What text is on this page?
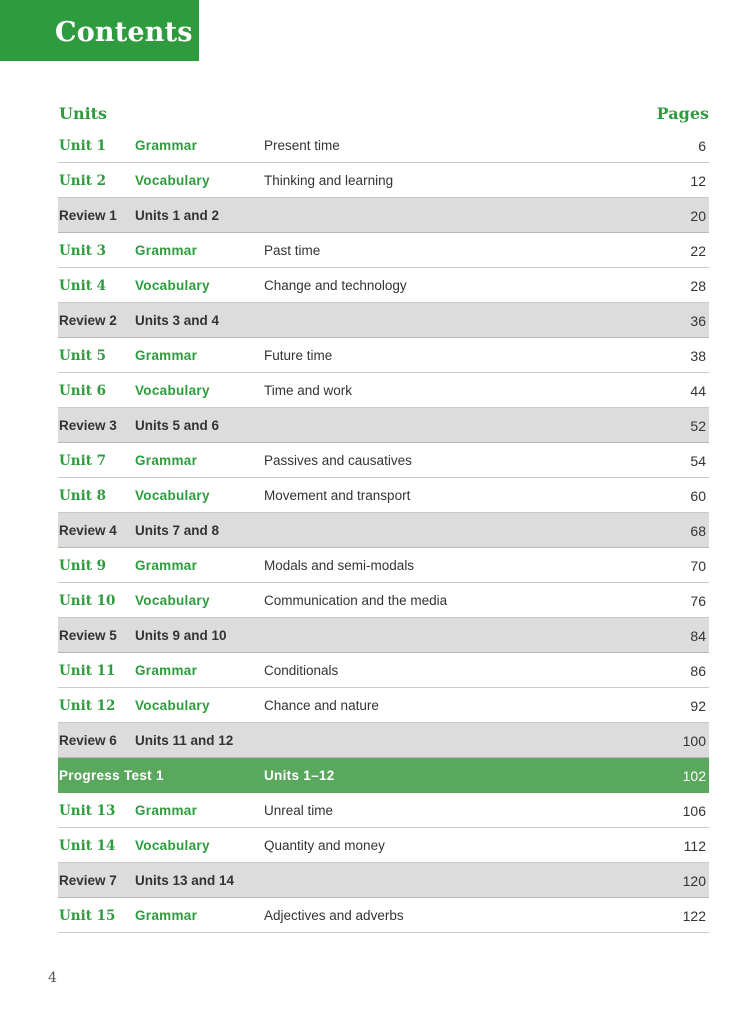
Contents
Units	Pages
Unit 1 Grammar	Present time	6
Unit 2 Vocabulary	Thinking and learning	12
Review 1 Units 1 and 2	20
Unit 3 Grammar	Past time	22
Unit 4 Vocabulary	Change and technology	28
Review 2 Units 3 and 4	36
Unit 5 Grammar	Future time	38
Unit 6 Vocabulary	Time and work	44
Review 3 Units 5 and 6	52
Unit 7 Grammar	Passives and causatives	54
Unit 8 Vocabulary	Movement and transport	60
Review 4 Units 7 and 8	68
Unit 9 Grammar	Modals and semi-modals	70
Unit 10 Vocabulary	Communication and the media	76
Review 5 Units 9 and 10	84
Unit 11 Grammar	Conditionals	86
Unit 12 Vocabulary	Chance and nature	92
Review 6 Units 11 and 12	100
Progress Test 1	Units 1–12	102
Unit 13 Grammar	Unreal time	106
Unit 14 Vocabulary	Quantity and money	112
Review 7 Units 13 and 14	120
Unit 15 Grammar	Adjectives and adverbs	122
4
